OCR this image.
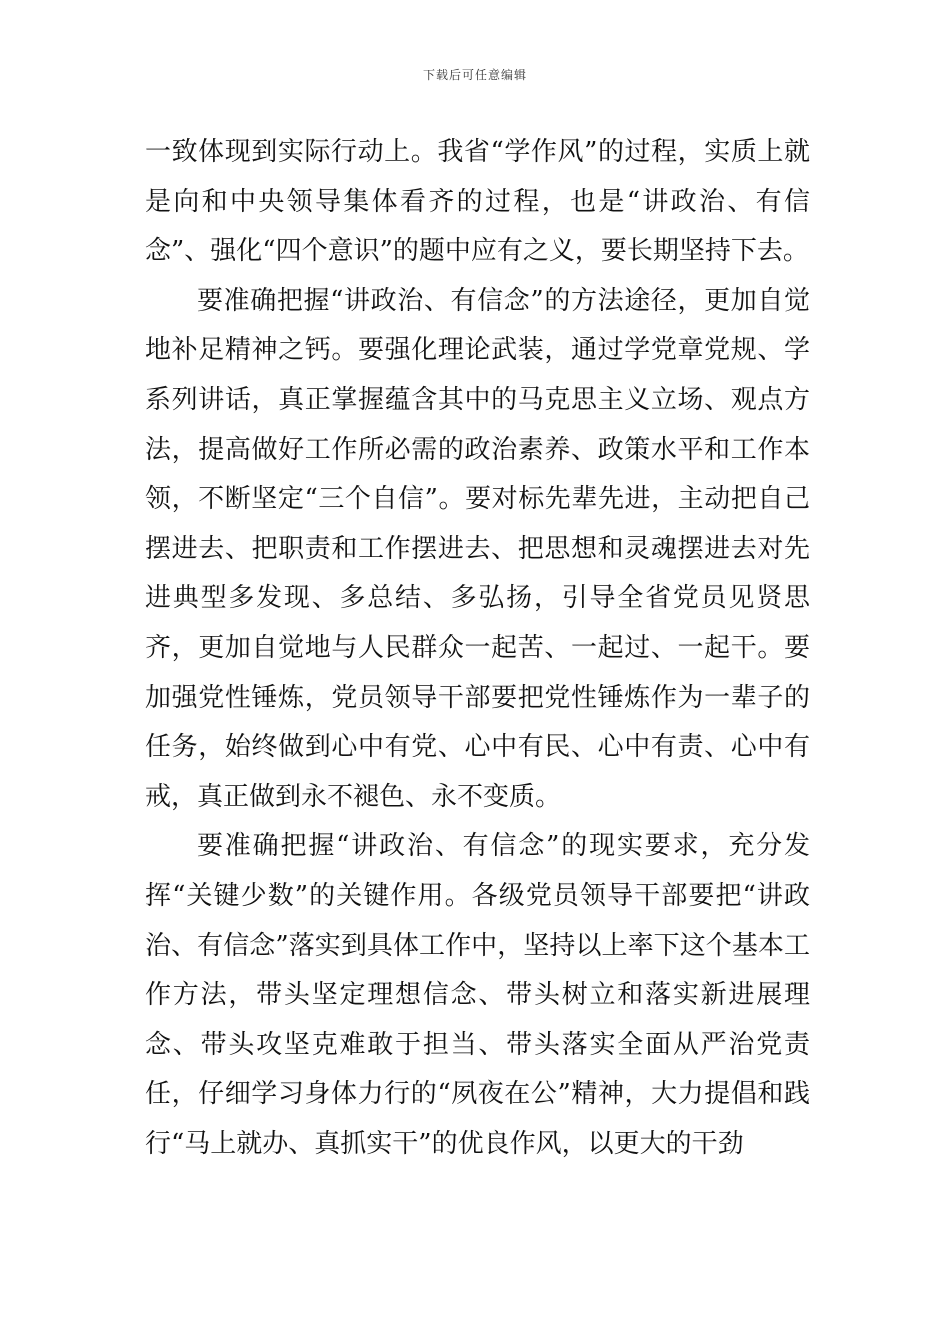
下载后可任意编辑

一致体现到实际行动上。我省“学作风”的过程，实质上就是向和中央领导集体看齐的过程，也是“讲政治、有信念”、强化“四个意识”的题中应有之义，要长期坚持下去。

要准确把握“讲政治、有信念”的方法途径，更加自觉地补足精神之钙。要强化理论武装，通过学党章党规、学系列讲话，真正掌握蕴含其中的马克思主义立场、观点方法，提高做好工作所必需的政治素养、政策水平和工作本领，不断坚定“三个自信”。要对标先辈先进，主动把自己摆进去、把职责和工作摆进去、把思想和灵魂摆进去对先进典型多发现、多总结、多弘扬，引导全省党员见贤思齐，更加自觉地与人民群众一起苦、一起过、一起干。要加强党性锤炼，党员领导干部要把党性锤炼作为一辈子的任务，始终做到心中有党、心中有民、心中有责、心中有戒，真正做到永不褪色、永不变质。

要准确把握“讲政治、有信念”的现实要求，充分发挥“关键少数”的关键作用。各级党员领导干部要把“讲政治、有信念”落实到具体工作中，坚持以上率下这个基本工作方法，带头坚定理想信念、带头树立和落实新进展理念、带头攻坚克难敢于担当、带头落实全面从严治党责任，仔细学习身体力行的“夙夜在公”精神，大力提倡和践行“马上就办、真抓实干”的优良作风，以更大的干劲
